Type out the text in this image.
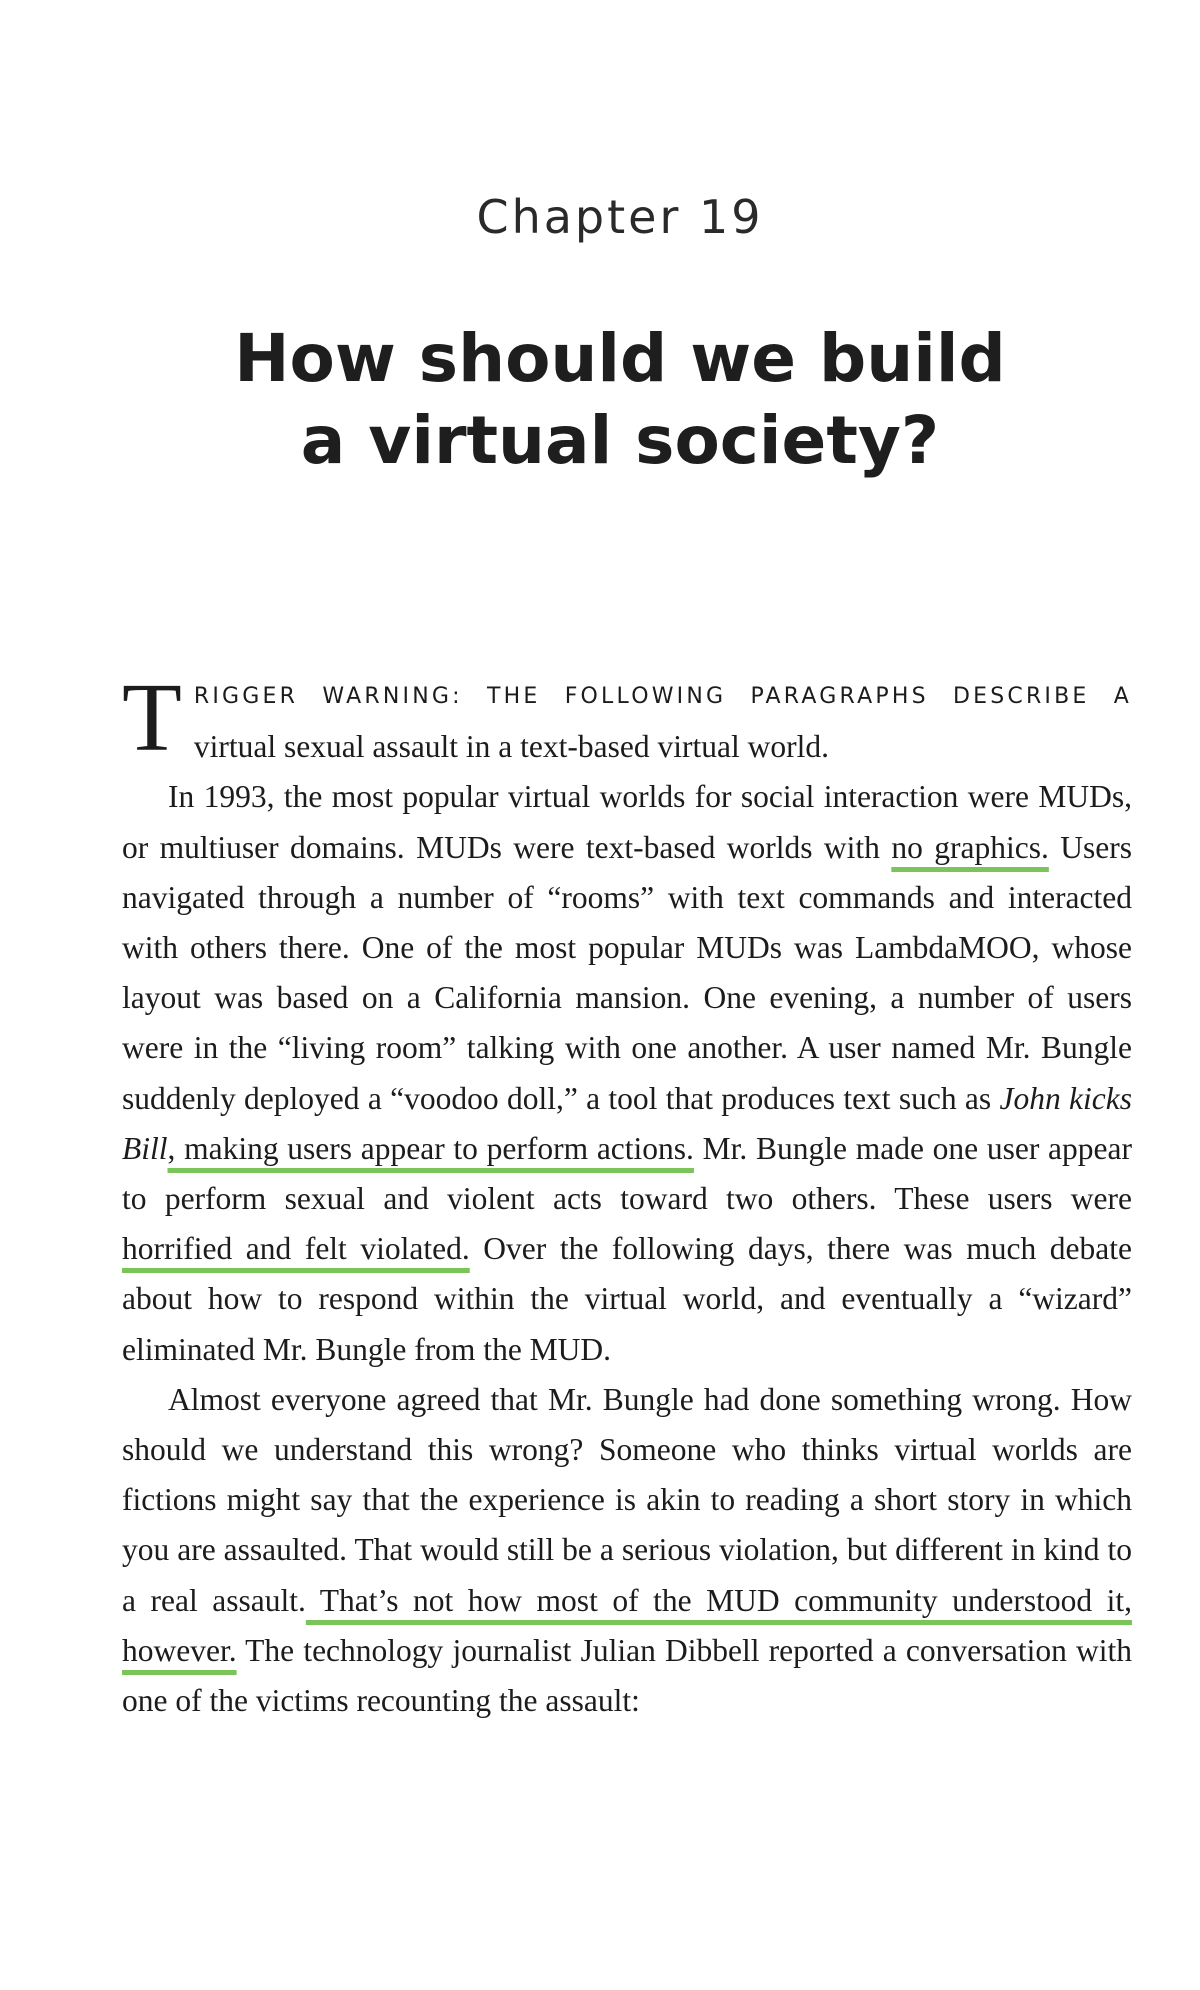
Chapter 19
How should we build
a virtual society?

TRIGGER WARNING: THE FOLLOWING PARAGRAPHS DESCRIBE A virtual sexual assault in a text-based virtual world.

In 1993, the most popular virtual worlds for social interaction were MUDs, or multiuser domains. MUDs were text-based worlds with no graphics. Users navigated through a number of “rooms” with text commands and interacted with others there. One of the most popular MUDs was LambdaMOO, whose layout was based on a California mansion. One evening, a number of users were in the “living room” talking with one another. A user named Mr. Bungle suddenly deployed a “voodoo doll,” a tool that produces text such as John kicks Bill, making users appear to perform actions. Mr. Bungle made one user appear to perform sexual and violent acts toward two others. These users were horrified and felt violated. Over the following days, there was much debate about how to respond within the virtual world, and eventually a “wizard” eliminated Mr. Bungle from the MUD.

Almost everyone agreed that Mr. Bungle had done something wrong. How should we understand this wrong? Someone who thinks virtual worlds are fictions might say that the experience is akin to reading a short story in which you are assaulted. That would still be a serious violation, but different in kind to a real assault. That’s not how most of the MUD community understood it, however. The technology journalist Julian Dibbell reported a conversation with one of the victims recounting the assault:
